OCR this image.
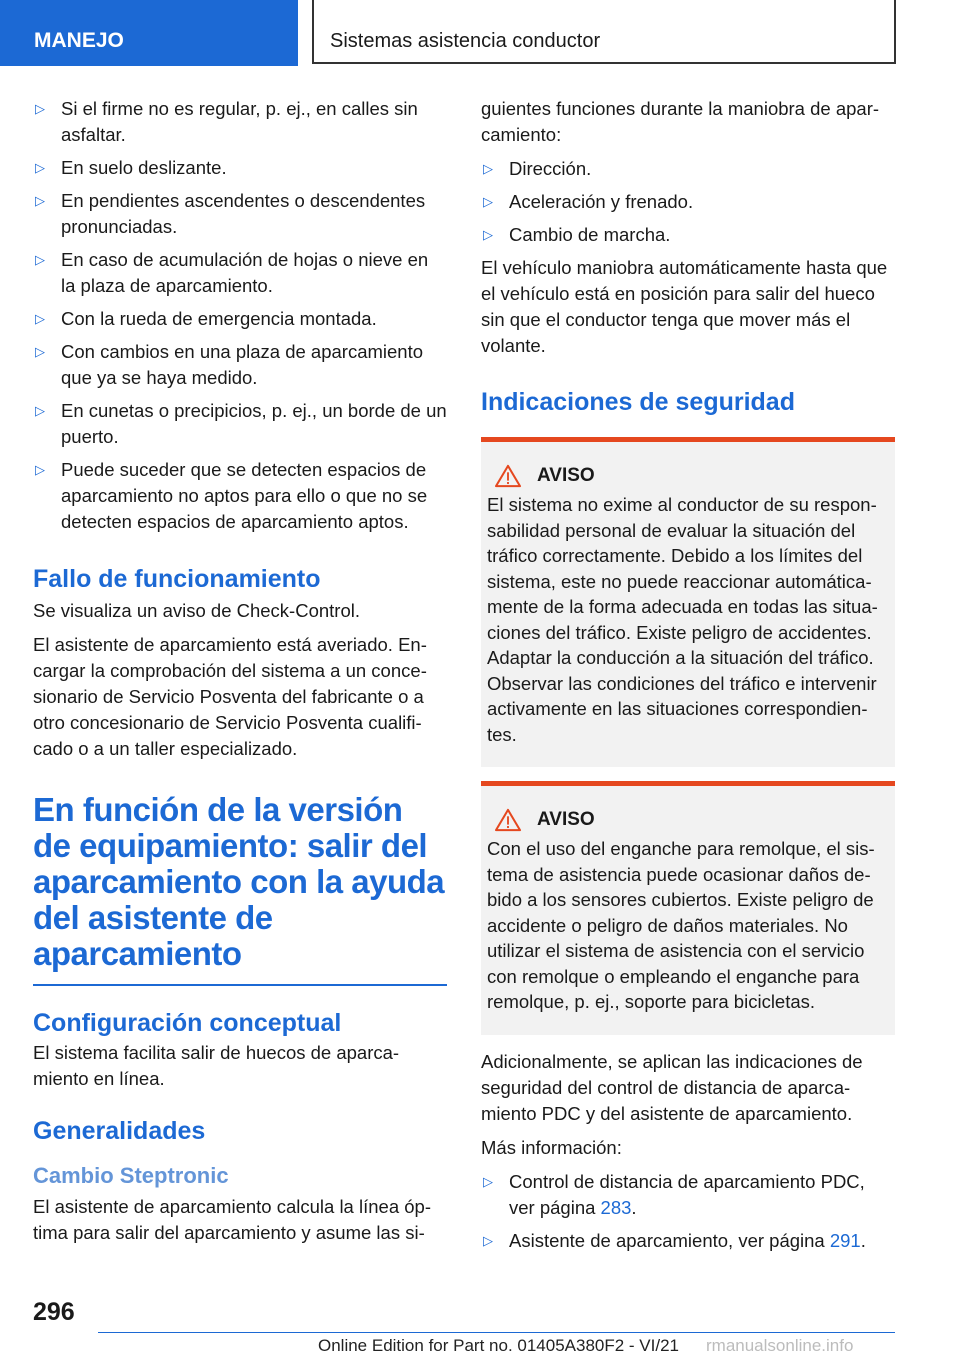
MANEJO	Sistemas asistencia conductor
▷ Si el firme no es regular, p. ej., en calles sin asfaltar.
▷ En suelo deslizante.
▷ En pendientes ascendentes o descendentes pronunciadas.
▷ En caso de acumulación de hojas o nieve en la plaza de aparcamiento.
▷ Con la rueda de emergencia montada.
▷ Con cambios en una plaza de aparcamiento que ya se haya medido.
▷ En cunetas o precipicios, p. ej., un borde de un puerto.
▷ Puede suceder que se detecten espacios de aparcamiento no aptos para ello o que no se detecten espacios de aparcamiento aptos.
Fallo de funcionamiento

Se visualiza un aviso de Check-Control.

El asistente de aparcamiento está averiado. Encargar la comprobación del sistema a un concesionario de Servicio Posventa del fabricante o a otro concesionario de Servicio Posventa cualificado o a un taller especializado.

En función de la versión de equipamiento: salir del aparcamiento con la ayuda del asistente de aparcamiento
Configuración conceptual

El sistema facilita salir de huecos de aparcamiento en línea.

Generalidades
Cambio Steptronic

El asistente de aparcamiento calcula la línea óptima para salir del aparcamiento y asume las si-

guientes funciones durante la maniobra de aparcamiento:

▷ Dirección.
▷ Aceleración y frenado.
▷ Cambio de marcha.

El vehículo maniobra automáticamente hasta que el vehículo está en posición para salir del hueco sin que el conductor tenga que mover más el volante.

Indicaciones de seguridad
AVISO

El sistema no exime al conductor de su responsabilidad personal de evaluar la situación del tráfico correctamente. Debido a los límites del sistema, este no puede reaccionar automáticamente de la forma adecuada en todas las situaciones del tráfico. Existe peligro de accidentes. Adaptar la conducción a la situación del tráfico. Observar las condiciones del tráfico e intervenir activamente en las situaciones correspondientes.

AVISO

Con el uso del enganche para remolque, el sistema de asistencia puede ocasionar daños debido a los sensores cubiertos. Existe peligro de accidente o peligro de daños materiales. No utilizar el sistema de asistencia con el servicio con remolque o empleando el enganche para remolque, p. ej., soporte para bicicletas.

Adicionalmente, se aplican las indicaciones de seguridad del control de distancia de aparcamiento PDC y del asistente de aparcamiento.

Más información:

▷ Control de distancia de aparcamiento PDC, ver página 283.
▷ Asistente de aparcamiento, ver página 291.
296
Online Edition for Part no. 01405A380F2 - VI/21 rmanualsonline.info
